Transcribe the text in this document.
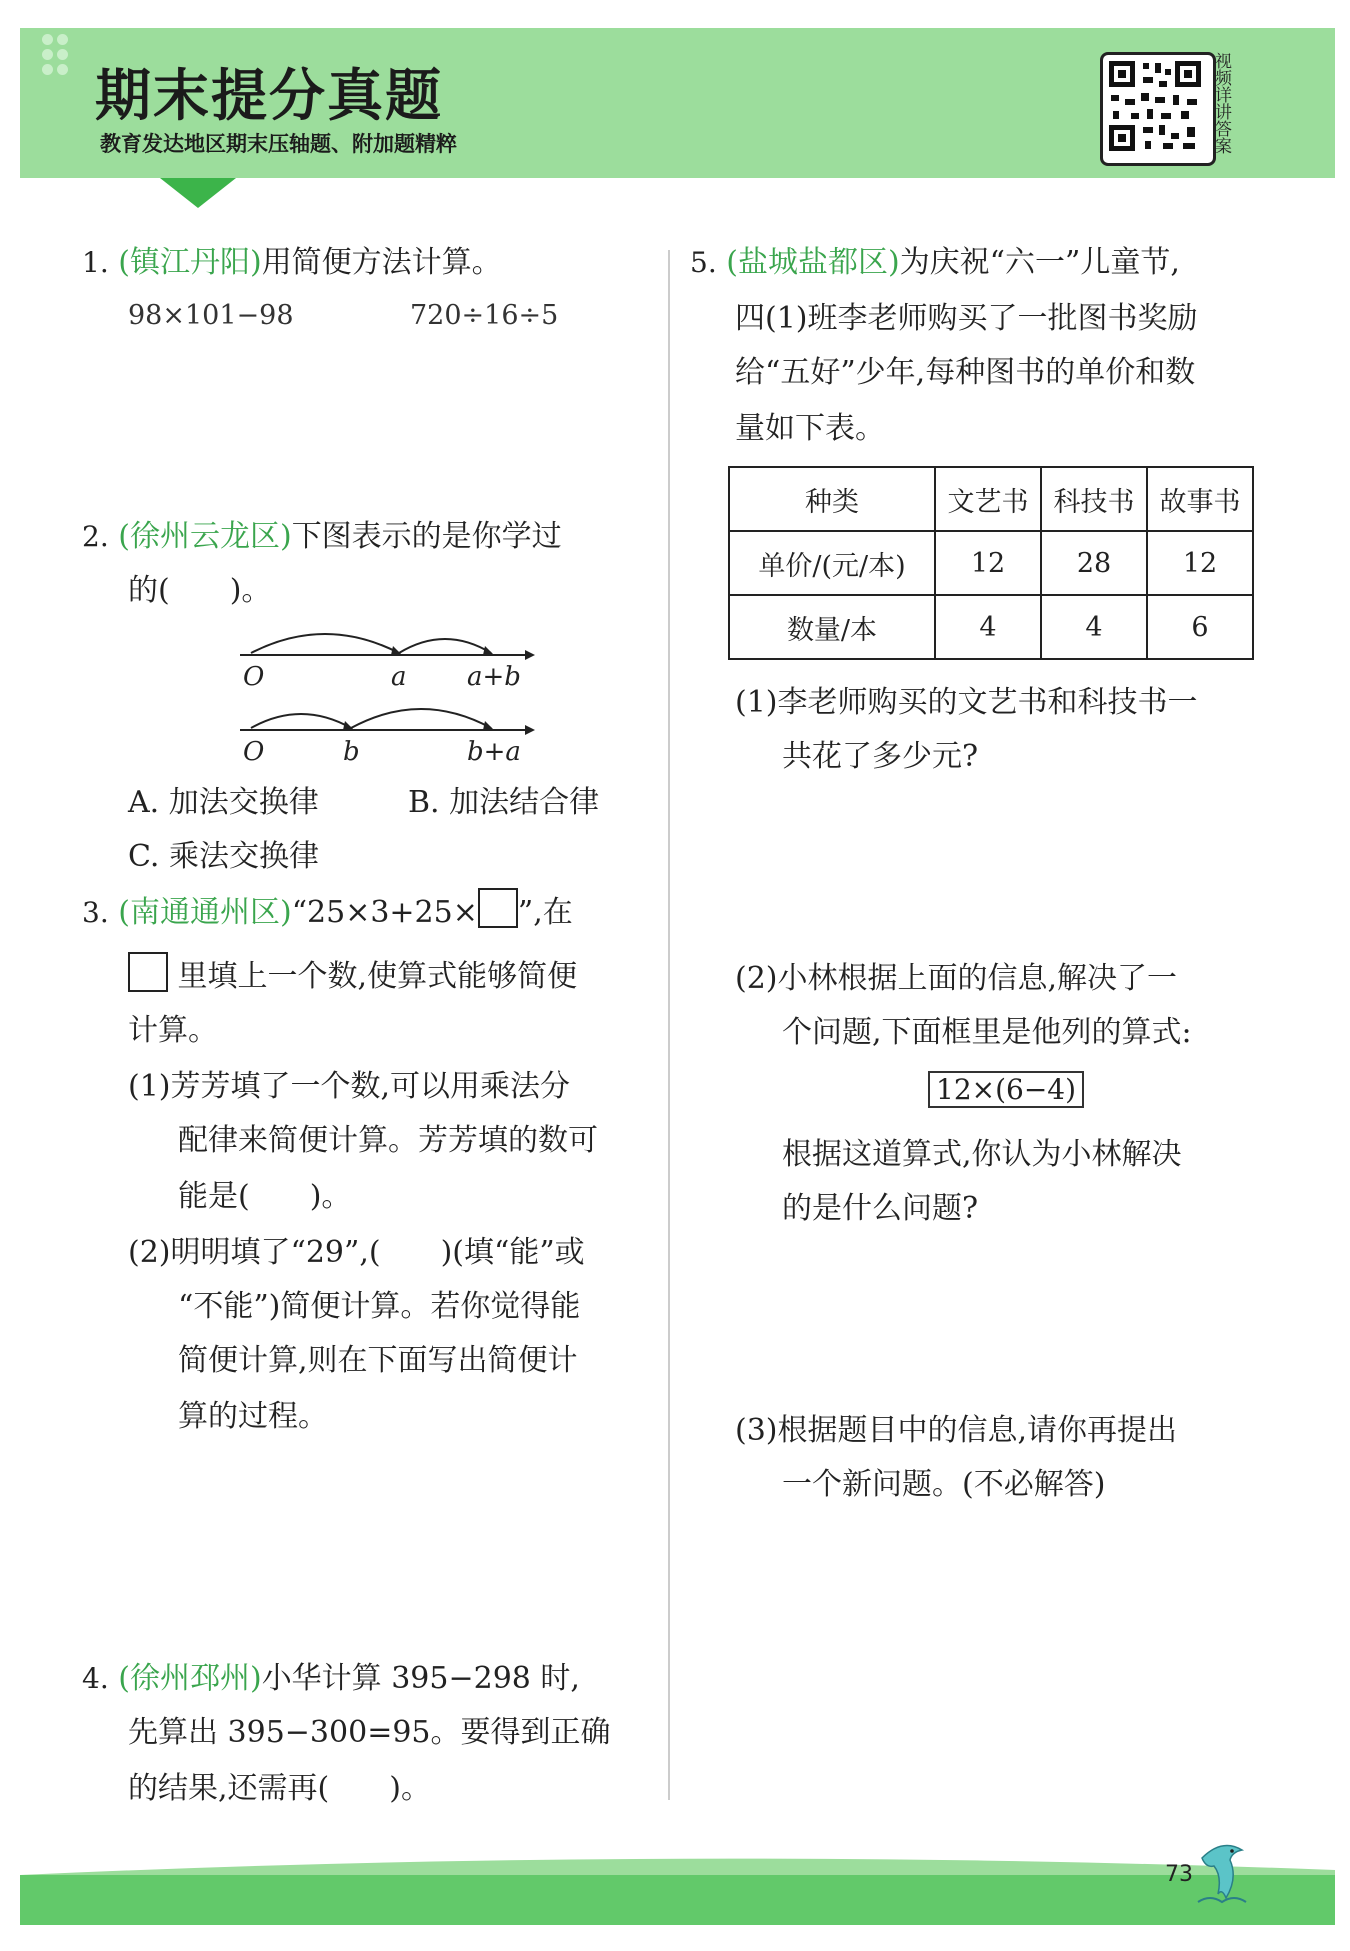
期末提分真题
教育发达地区期末压轴题、附加题精粹
视频详讲答案
1. (镇江丹阳)用简便方法计算。
98×101−98	720÷16÷5
2. (徐州云龙区)下图表示的是你学过
的(　　)。
O	a a+b
O	b	b+a
A. 加法交换律	B. 加法结合律
C. 乘法交换律
3. (南通通州区)“25×3+25× ”,在
里填上一个数,使算式能够简便
计算。
(1)芳芳填了一个数,可以用乘法分
配律来简便计算。芳芳填的数可
能是(　　)。
(2)明明填了“29”,(　　)(填“能”或
“不能”)简便计算。若你觉得能
简便计算,则在下面写出简便计
算的过程。
4. (徐州邳州)小华计算 395−298 时,
先算出 395−300=95。要得到正确
的结果,还需再(　　)。
5. (盐城盐都区)为庆祝“六一”儿童节,
四(1)班李老师购买了一批图书奖励
给“五好”少年,每种图书的单价和数
量如下表。
种类	文艺书	科技书	故事书
单价/(元/本)	12	28	12
数量/本	4	4	6
(1)李老师购买的文艺书和科技书一
共花了多少元?
(2)小林根据上面的信息,解决了一
个问题,下面框里是他列的算式:
12×(6−4)
根据这道算式,你认为小林解决
的是什么问题?
(3)根据题目中的信息,请你再提出
一个新问题。(不必解答)
73
